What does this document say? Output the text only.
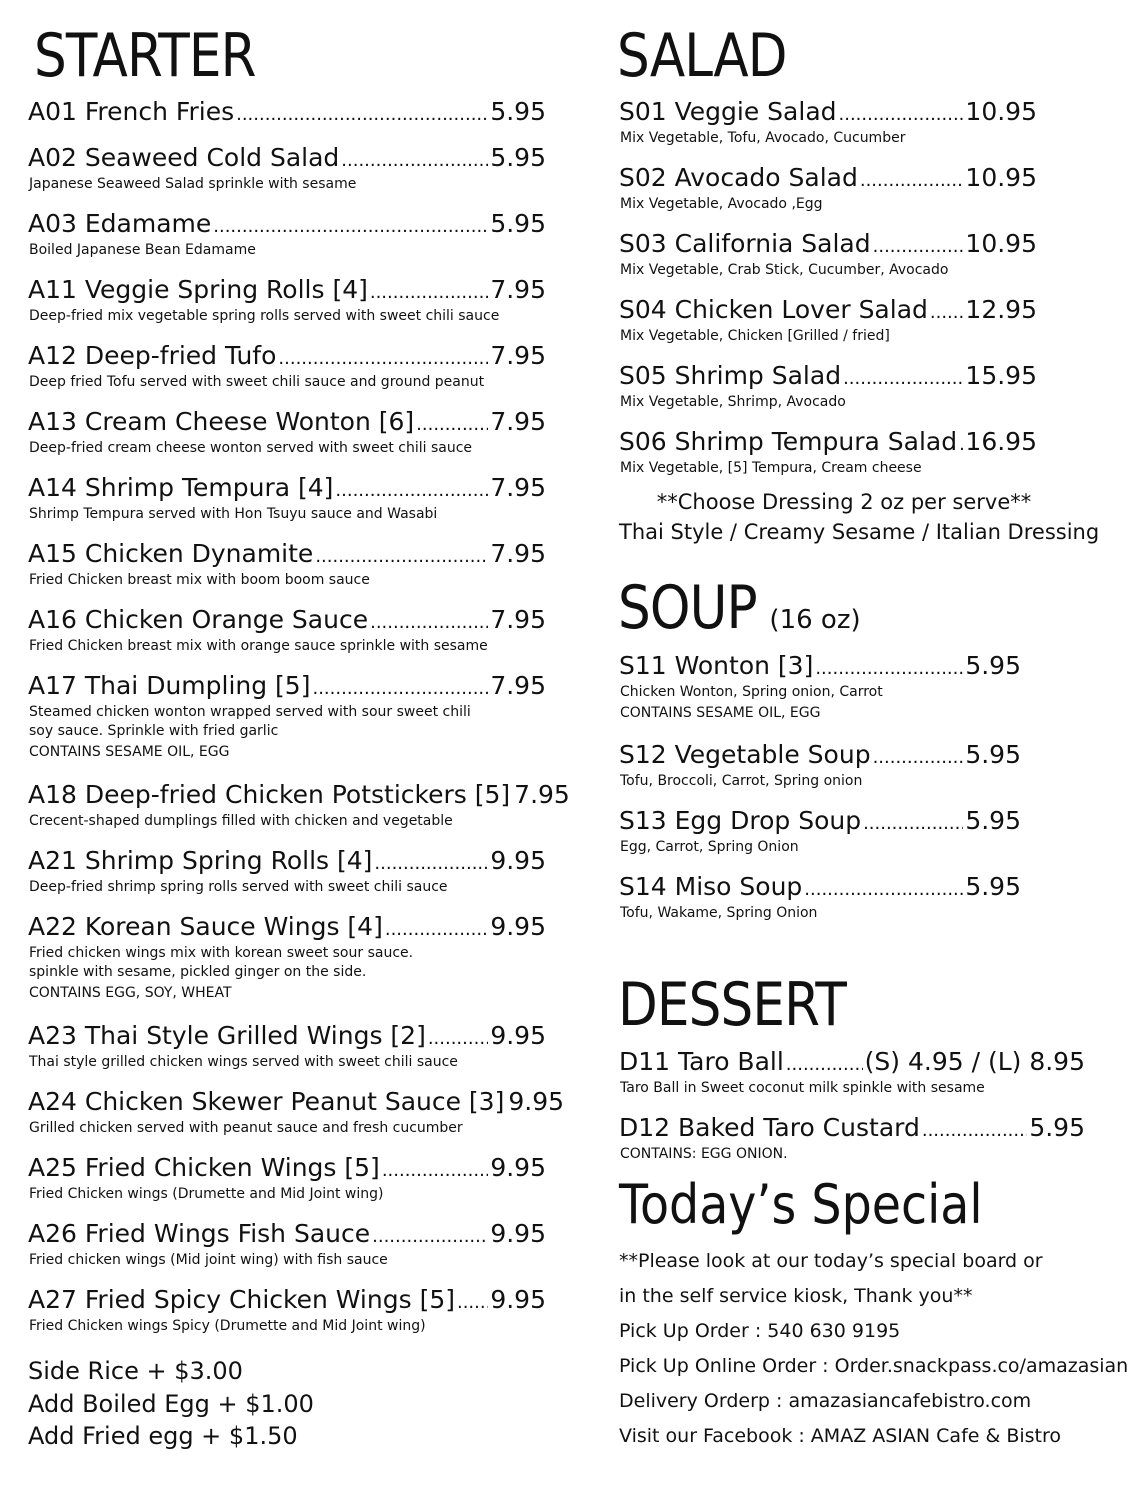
STARTER
A01 French Fries .....	5.95
A02 Seaweed Cold Salad .....	5.95
Japanese Seaweed Salad sprinkle with sesame
A03 Edamame .....	5.95
Boiled Japanese Bean Edamame
A11 Veggie Spring Rolls [4] .....	7.95
Deep-fried mix vegetable spring rolls served with sweet chili sauce
A12 Deep-fried Tufo .....	7.95
Deep fried Tofu served with sweet chili sauce and ground peanut
A13 Cream Cheese Wonton [6] .....	7.95
Deep-fried cream cheese wonton served with sweet chili sauce
A14 Shrimp Tempura [4] .....	7.95
Shrimp Tempura served with Hon Tsuyu sauce and Wasabi
A15 Chicken Dynamite .....	7.95
Fried Chicken breast mix with boom boom sauce
A16 Chicken Orange Sauce .....	7.95
Fried Chicken breast mix with orange sauce sprinkle with sesame
A17 Thai Dumpling [5] .....	7.95
Steamed chicken wonton wrapped served with sour sweet chili
soy sauce. Sprinkle with fried garlic
CONTAINS SESAME OIL, EGG
A18 Deep-fried Chicken Potstickers [5] 7.95
Crecent-shaped dumplings filled with chicken and vegetable
A21 Shrimp Spring Rolls [4] .....	9.95
Deep-fried shrimp spring rolls served with sweet chili sauce
A22 Korean Sauce Wings [4] .....	9.95
Fried chicken wings mix with korean sweet sour sauce.
spinkle with sesame, pickled ginger on the side.
CONTAINS EGG, SOY, WHEAT
A23 Thai Style Grilled Wings [2] .....	9.95
Thai style grilled chicken wings served with sweet chili sauce
A24 Chicken Skewer Peanut Sauce [3] 9.95
Grilled chicken served with peanut sauce and fresh cucumber
A25 Fried Chicken Wings [5] .....	9.95
Fried Chicken wings (Drumette and Mid Joint wing)
A26 Fried Wings Fish Sauce .....	9.95
Fried chicken wings (Mid joint wing) with fish sauce
A27 Fried Spicy Chicken Wings [5] ..... 9.95
Fried Chicken wings Spicy (Drumette and Mid Joint wing)
Side Rice + $3.00
Add Boiled Egg + $1.00
Add Fried egg + $1.50
SALAD
S01 Veggie Salad .....	10.95
Mix Vegetable, Tofu, Avocado, Cucumber
S02 Avocado Salad .....	10.95
Mix Vegetable, Avocado ,Egg
S03 California Salad .....	10.95
Mix Vegetable, Crab Stick, Cucumber, Avocado
S04 Chicken Lover Salad ..... 12.95
Mix Vegetable, Chicken [Grilled / fried]
S05 Shrimp Salad .....	15.95
Mix Vegetable, Shrimp, Avocado
S06 Shrimp Tempura Salad ..... 16.95
Mix Vegetable, [5] Tempura, Cream cheese
**Choose Dressing 2 oz per serve**
Thai Style / Creamy Sesame / Italian Dressing
SOUP (16 oz)
S11 Wonton [3] .....	5.95
Chicken Wonton, Spring onion, Carrot
CONTAINS SESAME OIL, EGG
S12 Vegetable Soup .....	5.95
Tofu, Broccoli, Carrot, Spring onion
S13 Egg Drop Soup .....	5.95
Egg, Carrot, Spring Onion
S14 Miso Soup .....	5.95
Tofu, Wakame, Spring Onion
DESSERT
D11 Taro Ball .....	(S) 4.95 / (L) 8.95
Taro Ball in Sweet coconut milk spinkle with sesame
D12 Baked Taro Custard .....	5.95
CONTAINS: EGG ONION.
Today’s Special
**Please look at our today’s special board or
in the self service kiosk, Thank you**
Pick Up Order : 540 630 9195
Pick Up Online Order : Order.snackpass.co/amazasian
Delivery Orderp : amazasiancafebistro.com
Visit our Facebook : AMAZ ASIAN Cafe & Bistro
